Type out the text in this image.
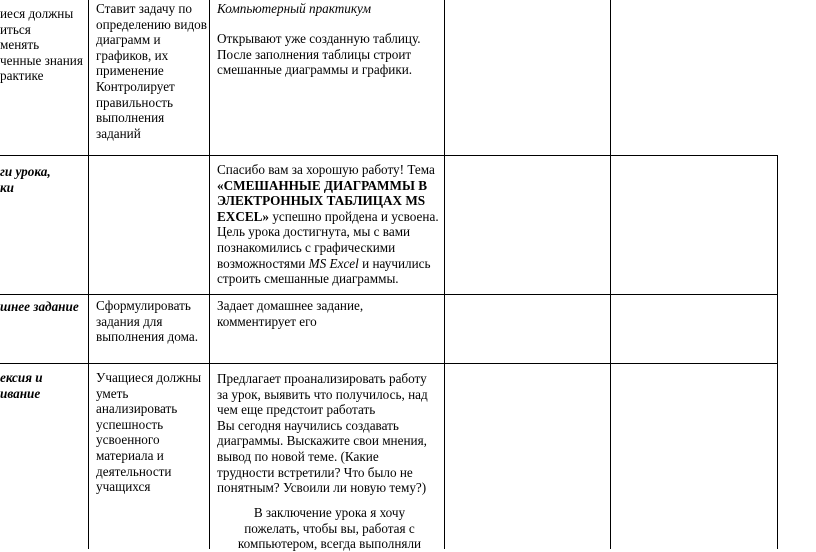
иеся должны
иться
менять
ченные знания
рактике
Ставит задачу по
определению видов
диаграмм и
графиков, их
применение
Контролирует
правильность
выполнения
заданий
Компьютерный практикум
Открывают уже созданную таблицу.
После заполнения таблицы строит
смешанные диаграммы и графики.
ги урока,
ки
Спасибо вам за хорошую работу! Тема
«СМЕШАННЫЕ ДИАГРАММЫ В
ЭЛЕКТРОННЫХ ТАБЛИЦАХ MS
EXCEL» успешно пройдена и усвоена.
Цель урока достигнута, мы с вами
познакомились с графическими
возможностями MS Excel и научились
строить смешанные диаграммы.
шнее задание	Сформулировать
задания для
выполнения дома.
Задает домашнее задание,
комментирует его
ексия и
ивание
Учащиеся должны
уметь
анализировать
успешность
усвоенного
материала и
деятельности
учащихся
Предлагает проанализировать работу
за урок, выявить что получилось, над
чем еще предстоит работать
Вы сегодня научились создавать
диаграммы. Выскажите свои мнения,
вывод по новой теме. (Какие
трудности встретили? Что было не
понятным? Усвоили ли новую тему?)
В заключение урока я хочу
пожелать, чтобы вы, работая с
компьютером, всегда выполняли
